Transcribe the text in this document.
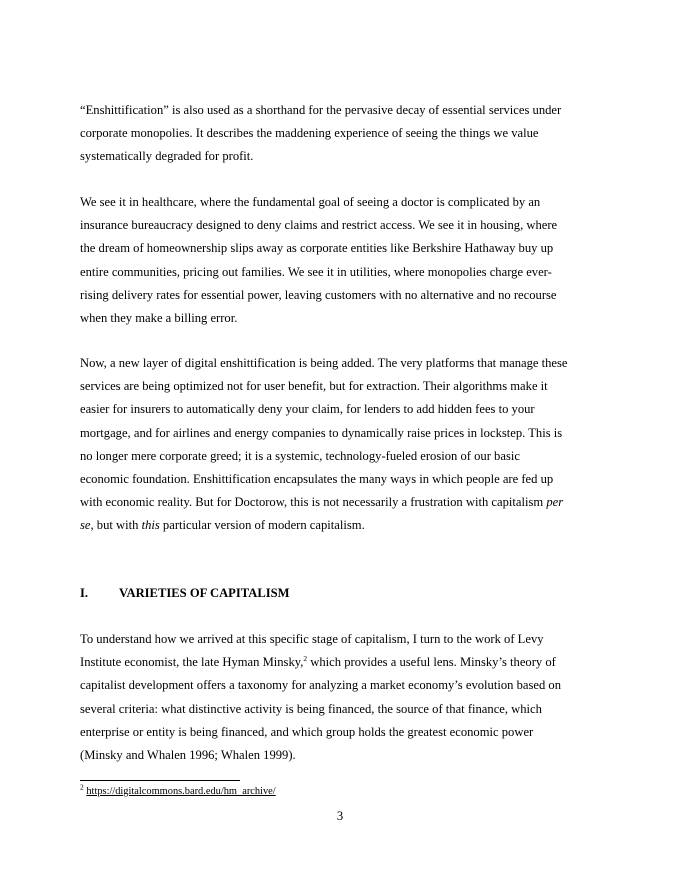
“Enshittification” is also used as a shorthand for the pervasive decay of essential services under
corporate monopolies. It describes the maddening experience of seeing the things we value
systematically degraded for profit.

We see it in healthcare, where the fundamental goal of seeing a doctor is complicated by an
insurance bureaucracy designed to deny claims and restrict access. We see it in housing, where
the dream of homeownership slips away as corporate entities like Berkshire Hathaway buy up
entire communities, pricing out families. We see it in utilities, where monopolies charge ever-
rising delivery rates for essential power, leaving customers with no alternative and no recourse
when they make a billing error.

Now, a new layer of digital enshittification is being added. The very platforms that manage these
services are being optimized not for user benefit, but for extraction. Their algorithms make it
easier for insurers to automatically deny your claim, for lenders to add hidden fees to your
mortgage, and for airlines and energy companies to dynamically raise prices in lockstep. This is
no longer mere corporate greed; it is a systemic, technology-fueled erosion of our basic
economic foundation. Enshittification encapsulates the many ways in which people are fed up
with economic reality. But for Doctorow, this is not necessarily a frustration with capitalism per
se, but with this particular version of modern capitalism.

I. VARIETIES OF CAPITALISM

To understand how we arrived at this specific stage of capitalism, I turn to the work of Levy
Institute economist, the late Hyman Minsky,$^2$ which provides a useful lens. Minsky’s theory of
capitalist development offers a taxonomy for analyzing a market economy’s evolution based on
several criteria: what distinctive activity is being financed, the source of that finance, which
enterprise or entity is being financed, and which group holds the greatest economic power
(Minsky and Whalen 1996; Whalen 1999).

$^2$ https://digitalcommons.bard.edu/hm_archive/
3
